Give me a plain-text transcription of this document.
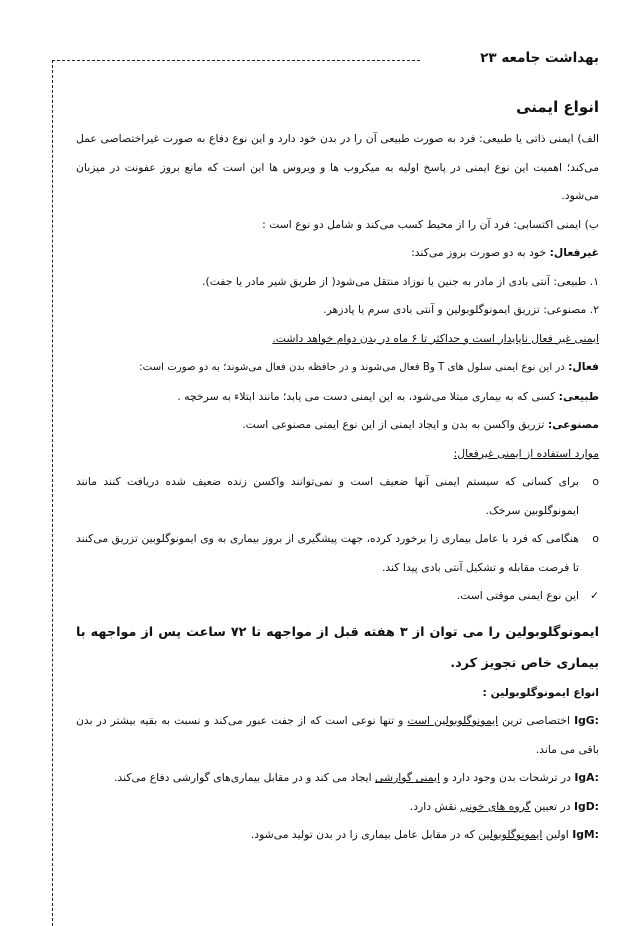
بهداشت جامعه ۲۳

انواع ایمنی

الف) ایمنی ذاتی یا طبیعی: فرد به صورت طبیعی آن را در بدن خود دارد و این نوع دفاع به صورت غیراختصاصی عمل می‌کند؛ اهمیت این نوع ایمنی در پاسخ اولیه به میکروب ها و ویروس ها این است که مانع بروز عفونت در میزبان می‌شود.

ب) ایمنی اکتسابی: فرد آن را از محیط کسب می‌کند و شامل دو نوع است :

غیرفعال: خود به دو صورت بروز می‌کند:

۱. طبیعی: آنتی بادی از مادر به جنین یا نوزاد منتقل می‌شود( از طریق شیر مادر یا جفت).

۲. مصنوعی: تزریق ایمونوگلوبولین و آنتی بادی سرم یا پادزهر.

ایمنی غیر فعال ناپایدار است و حداکثر تا ۶ ماه در بدن دوام خواهد داشت.

فعال: در این نوع ایمنی سلول های T وB فعال می‌شوند و در حافظه بدن فعال می‌شوند؛ به دو صورت است:

طبیعی: کسی که به بیماری مبتلا می‌شود، به این ایمنی دست می یابد؛ مانند ابتلاء به سرخچه .

مصنوعی: تزریق واکسن به بدن و ایجاد ایمنی از این نوع ایمنی مصنوعی است.

موارد استفاده از ایمنی غیرفعال:

o
برای کسانی که سیستم ایمنی آنها ضعیف است و نمی‌توانند واکسن زنده ضعیف شده دریافت کنند مانند ایمونوگلوبین سرخک.

o
هنگامی که فرد با عامل بیماری زا برخورد کرده، جهت پیشگیری از بروز بیماری به وی ایمونوگلوبین تزریق می‌کنند تا فرصت مقابله و تشکیل آنتی بادی پیدا کند.

✓
این نوع ایمنی موقتی است.

ایمونوگلوبولین را می توان از ۳ هفته قبل از مواجهه تا ۷۲ ساعت پس از مواجهه با بیماری خاص تجویز کرد.

انواع ایمونوگلوبولین :

IgG: اختصاصی ترین ایمونوگلوبولین است و تنها نوعی است که از جفت عبور می‌کند و نسبت به بقیه بیشتر در بدن باقی می ماند.

IgA: در ترشحات بدن وجود دارد و ایمنی گوارشی ایجاد می کند و در مقابل بیماری‌های گوارشی دفاع می‌کند.

IgD: در تعیین گروه های خونی نقش دارد.

IgM: اولین ایمونوگلوبولین که در مقابل عامل بیماری زا در بدن تولید می‌شود.
